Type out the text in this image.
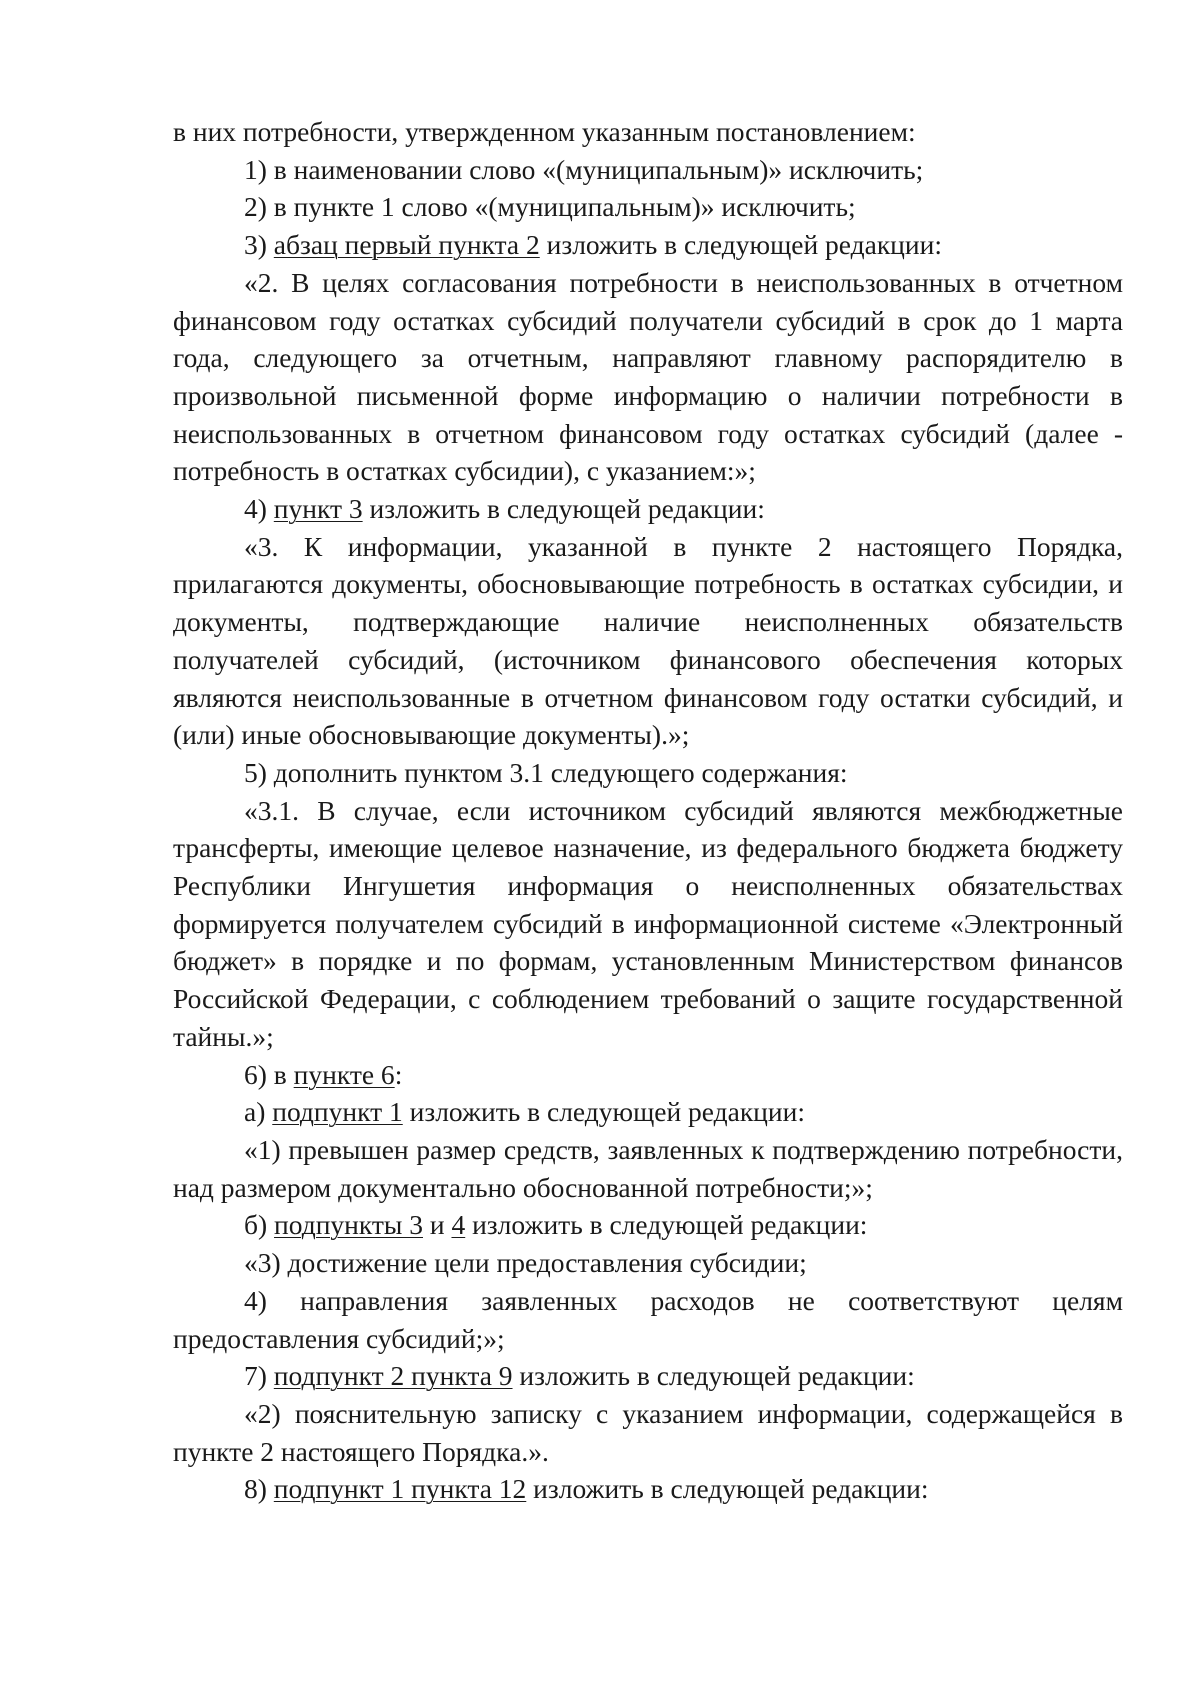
в них потребности, утвержденном указанным постановлением:

1) в наименовании слово «(муниципальным)» исключить;

2) в пункте 1 слово «(муниципальным)» исключить;

3) абзац первый пункта 2 изложить в следующей редакции:

«2. В целях согласования потребности в неиспользованных в отчетном финансовом году остатках субсидий получатели субсидий в срок до 1 марта года, следующего за отчетным, направляют главному распорядителю в произвольной письменной форме информацию о наличии потребности в неиспользованных в отчетном финансовом году остатках субсидий (далее - потребность в остатках субсидии), с указанием:»;

4) пункт 3 изложить в следующей редакции:

«3. К информации, указанной в пункте 2 настоящего Порядка, прилагаются документы, обосновывающие потребность в остатках субсидии, и документы, подтверждающие наличие неисполненных обязательств получателей субсидий, (источником финансового обеспечения которых являются неиспользованные в отчетном финансовом году остатки субсидий, и (или) иные обосновывающие документы).»;

5) дополнить пунктом 3.1 следующего содержания:

«3.1. В случае, если источником субсидий являются межбюджетные трансферты, имеющие целевое назначение, из федерального бюджета бюджету Республики Ингушетия информация о неисполненных обязательствах формируется получателем субсидий в информационной системе «Электронный бюджет» в порядке и по формам, установленным Министерством финансов Российской Федерации, с соблюдением требований о защите государственной тайны.»;

6) в пункте 6:

а) подпункт 1 изложить в следующей редакции:

«1) превышен размер средств, заявленных к подтверждению потребности, над размером документально обоснованной потребности;»;

б) подпункты 3 и 4 изложить в следующей редакции:

«3) достижение цели предоставления субсидии;

4) направления заявленных расходов не соответствуют целям предоставления субсидий;»;

7) подпункт 2 пункта 9 изложить в следующей редакции:

«2) пояснительную записку с указанием информации, содержащейся в пункте 2 настоящего Порядка.».

8) подпункт 1 пункта 12 изложить в следующей редакции:
